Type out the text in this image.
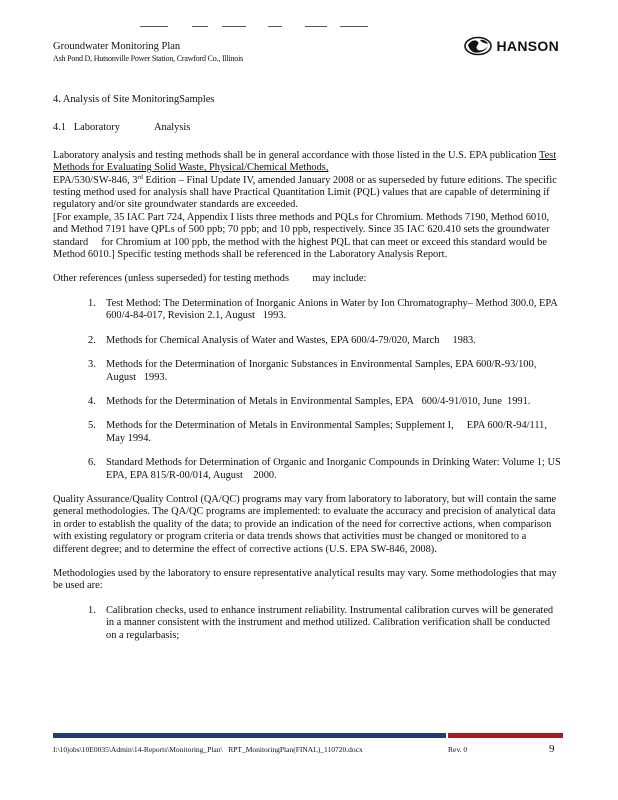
Groundwater Monitoring Plan
Ash Pond D, Hutsonville Power Station, Crawford Co., Illinois
HANSON
4. Analysis of Site MonitoringSamples
4.1 Laboratory	Analysis

Laboratory analysis and testing methods shall be in general accordance with those listed in the U.S. EPA publication Test Methods for Evaluating Solid Waste, Physical/Chemical Methods,
EPA/530/SW-846, 3rd Edition – Final Update IV, amended January 2008 or as superseded by future editions. The specific testing method used for analysis shall have Practical Quantitation Limit (PQL) values that are capable of determining if regulatory and/or site groundwater standards are exceeded.
[For example, 35 IAC Part 724, Appendix I lists three methods and PQLs for Chromium. Methods 7190, Method 6010, and Method 7191 have QPLs of 500 ppb; 70 ppb; and 10 ppb, respectively. Since 35 IAC 620.410 sets the groundwater standard     for Chromium at 100 ppb, the method with the highest PQL that can meet or exceed this standard would be Method 6010.] Specific testing methods shall be referenced in the Laboratory Analysis Report.

Other references (unless superseded) for testing methods         may include:

1. Test Method: The Determination of Inorganic Anions in Water by Ion Chromatography– Method 300.0, EPA 600/4-84-017, Revision 2.1, August   1993.
2. Methods for Chemical Analysis of Water and Wastes, EPA 600/4-79/020, March     1983.
3. Methods for the Determination of Inorganic Substances in Environmental Samples, EPA 600/R-93/100, August   1993.
4. Methods for the Determination of Metals in Environmental Samples, EPA   600/4-91/010, June  1991.
5. Methods for the Determination of Metals in Environmental Samples; Supplement I,     EPA 600/R-94/111, May 1994.
6. Standard Methods for Determination of Organic and Inorganic Compounds in Drinking Water: Volume 1; US EPA, EPA 815/R-00/014, August    2000.

Quality Assurance/Quality Control (QA/QC) programs may vary from laboratory to laboratory, but will contain the same general methodologies. The QA/QC programs are implemented: to evaluate the accuracy and precision of analytical data in order to establish the quality of the data; to provide an indication of the need for corrective actions, when comparison with existing regulatory or program criteria or data trends shows that activities must be changed or monitored to a different degree; and to determine the effect of corrective actions (U.S. EPA SW-846, 2008).

Methodologies used by the laboratory to ensure representative analytical results may vary. Some methodologies that may be used are:

1. Calibration checks, used to enhance instrument reliability. Instrumental calibration curves will be generated in a manner consistent with the instrument and method utilized. Calibration verification shall be conducted on a regularbasis;
I:\10jobs\10E0035\Admin\14-Reports\Monitoring_Plan\   RPT_MonitoringPlan(FINAL)_110720.docx	Rev. 0	9
